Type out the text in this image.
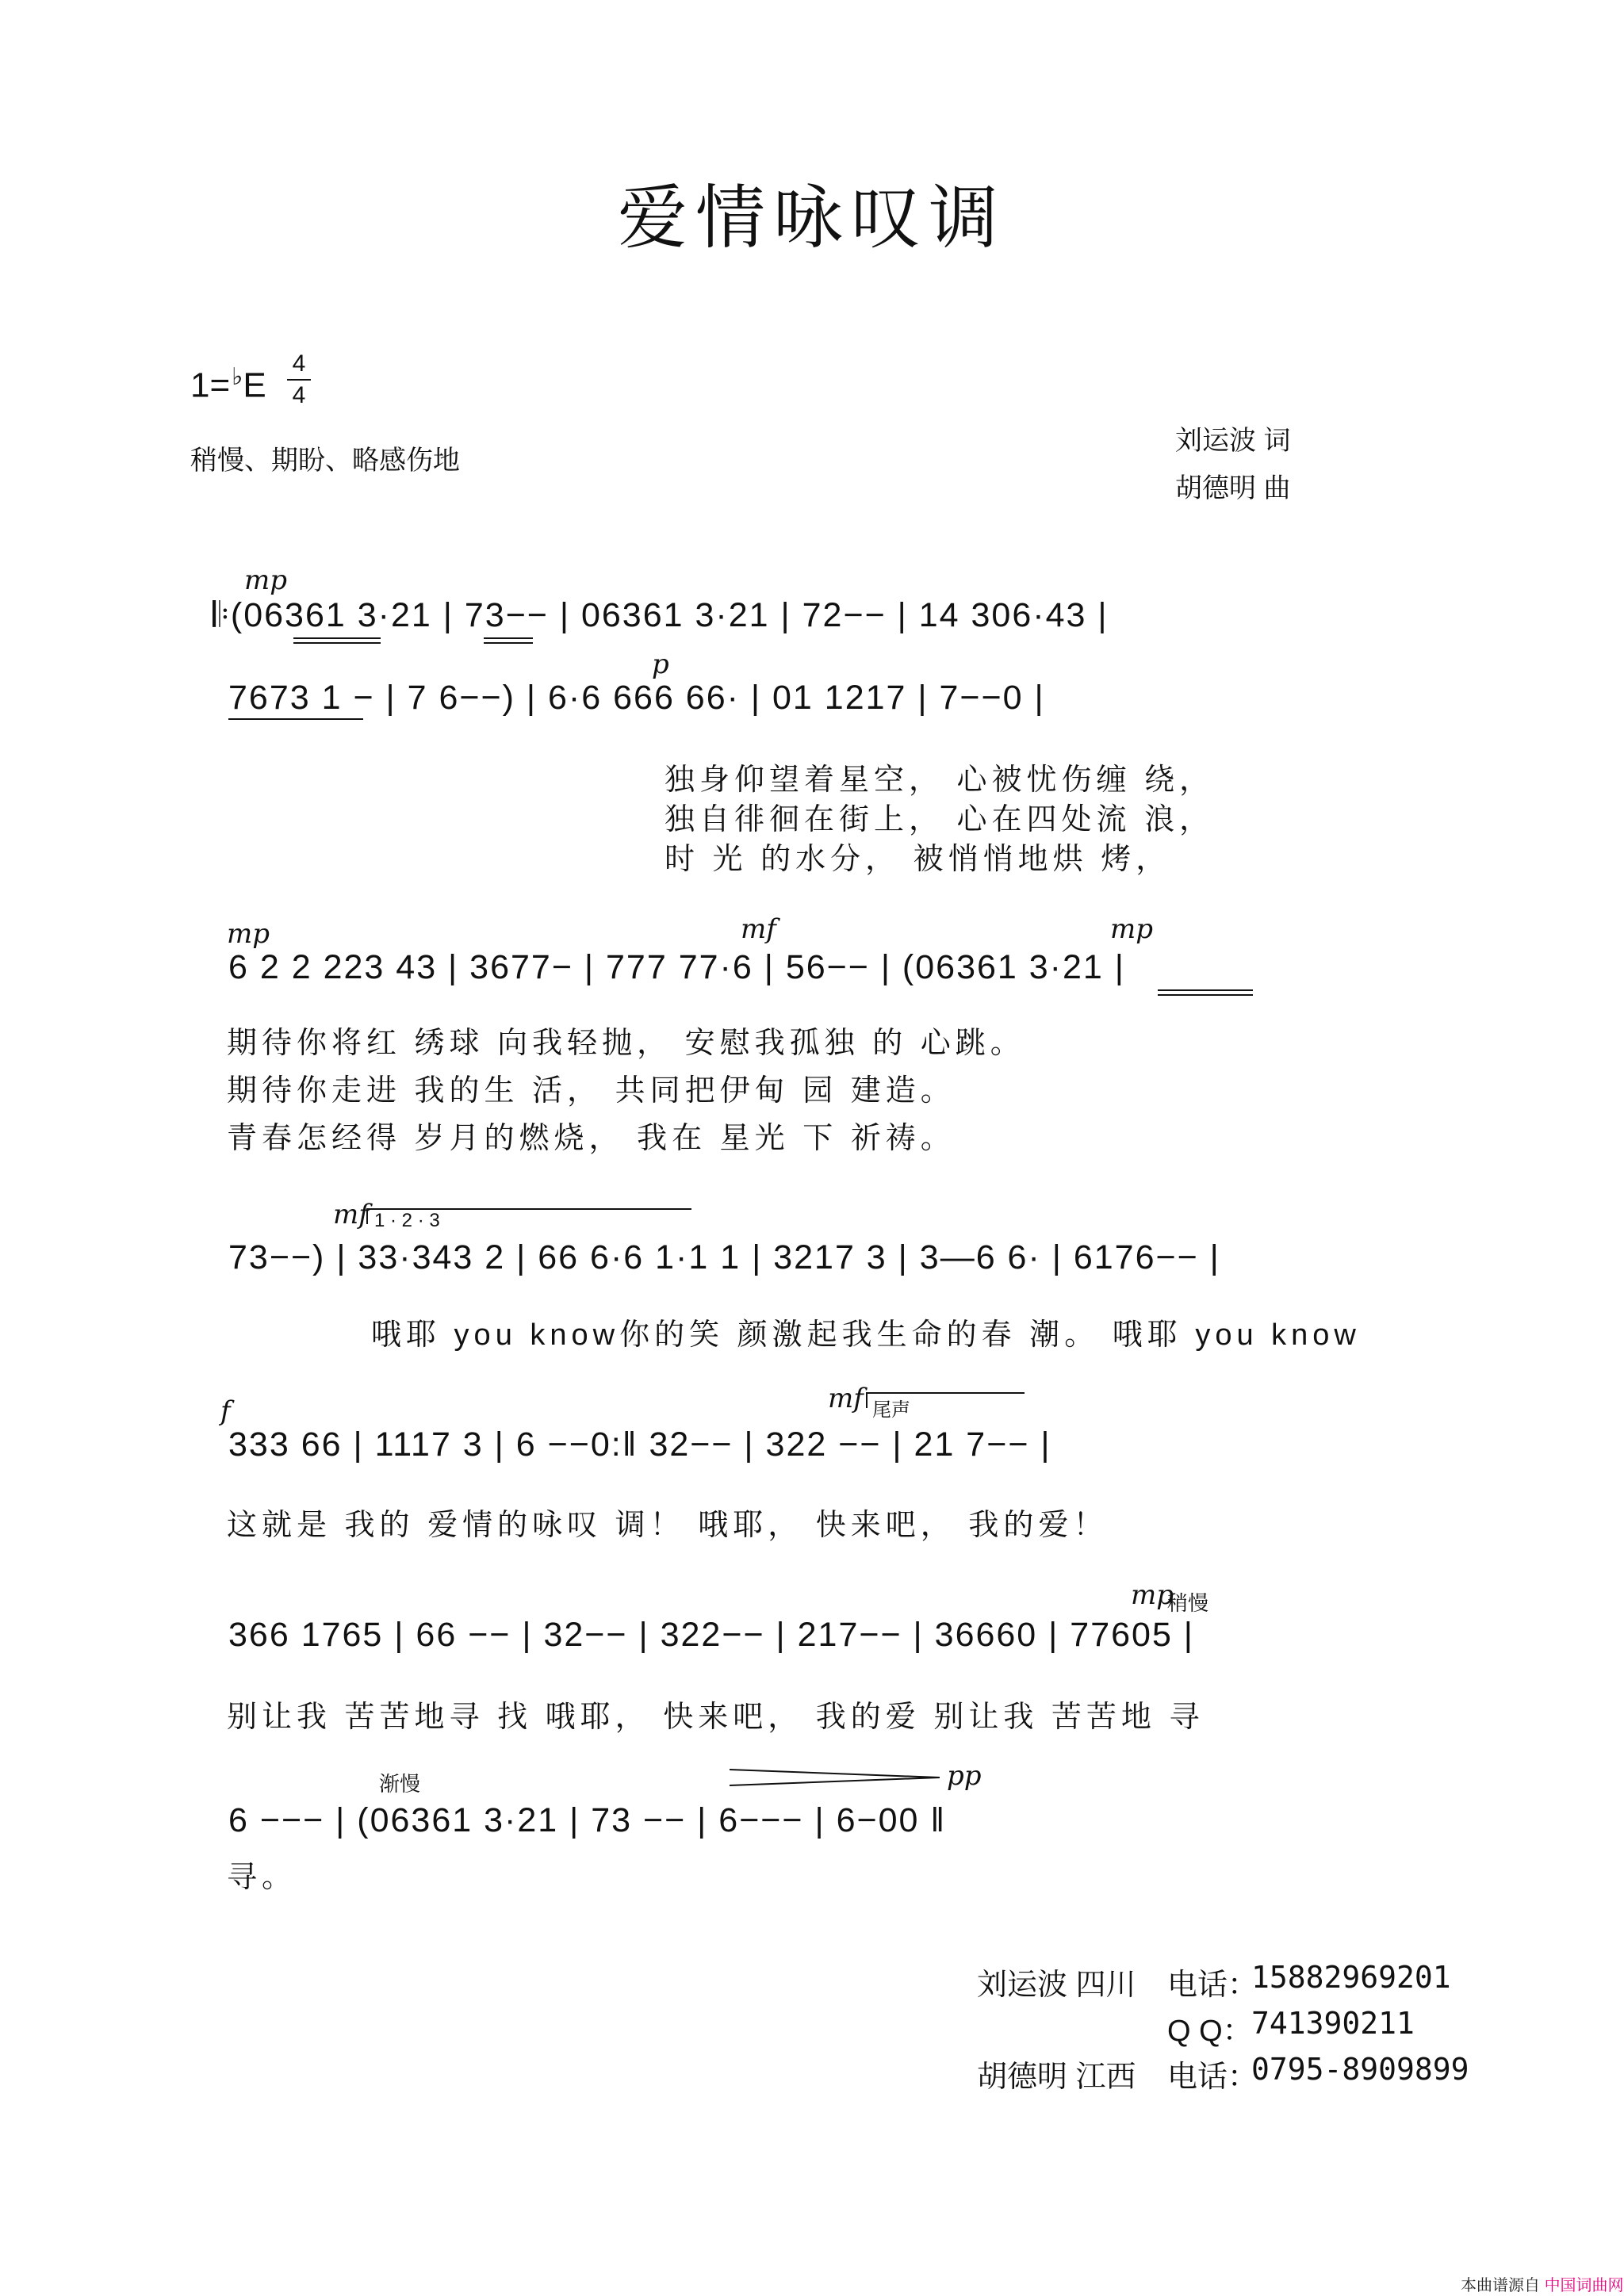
爱情咏叹调
1=♭E
4
4
稍慢、期盼、略感伤地
刘运波 词
胡德明 曲
mp
𝄆(06361 3·21 | 73−− | 06361 3·21 | 72−− | 14 306·43 |
p
7673 1 − | 7 6−−) | 6·6 666 66· | 01 1217 | 7−−0 |
独身仰望着星空， 心被忧伤缠 绕，
独自徘徊在街上， 心在四处流 浪，
时 光 的水分， 被悄悄地烘 烤，
mp	mf	mp
6 2 2 223 43 | 3677− | 777 77·6 | 56−− | (06361 3·21 |
期待你将红 绣球 向我轻抛， 安慰我孤独 的 心跳。
期待你走进 我的生 活， 共同把伊甸 园 建造。
青春怎经得 岁月的燃烧， 我在 星光 下 祈祷。
mf 1 · 2 · 3
73−−) | 33·343 2 | 66 6·6 1·1 1 | 3217 3 | 3—6 6· | 6176−− |
哦耶 you know你的笑 颜激起我生命的春 潮。 哦耶 you know
f	mf 尾声
333 66 | 1117 3 | 6 −−0:‖ 32−− | 322 −− | 21 7−− |
这就是 我的 爱情的咏叹 调！ 哦耶， 快来吧， 我的爱！
mp
稍慢
366 1765 | 66 −− | 32−− | 322−− | 217−− | 36660 | 77605 |
别让我 苦苦地寻 找 哦耶， 快来吧， 我的爱 别让我 苦苦地 寻
渐慢	pp
6 −−− | (06361 3·21 | 73 −− | 6−−− | 6−00 ‖
寻。
刘运波 四川 电话：
15882969201
Q Q：
741390211
胡德明 江西 电话：
0795-8909899
本曲谱源自 中国词曲网
